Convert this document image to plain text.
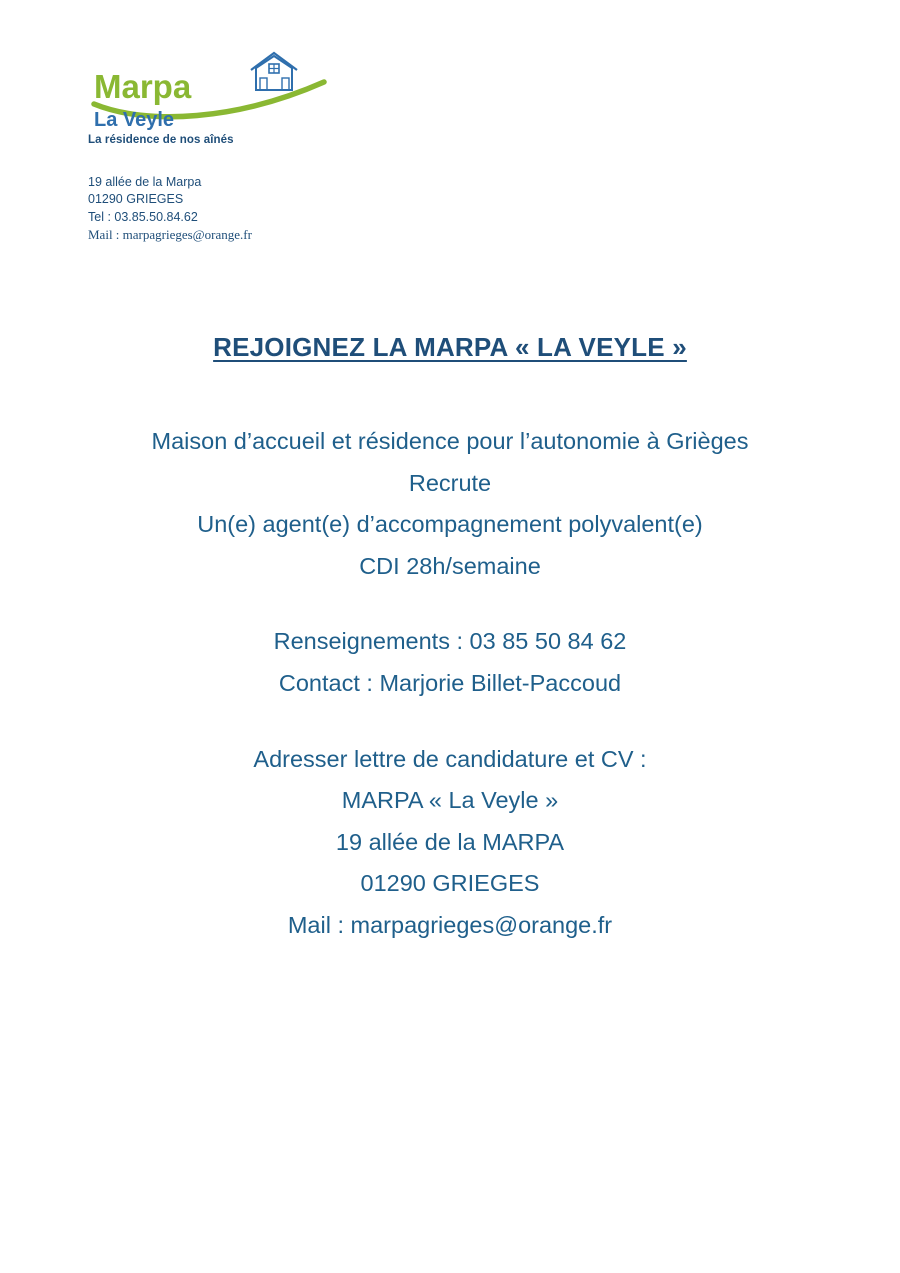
Marpa
La Veyle
La résidence de nos aînés
19 allée de la Marpa
01290 GRIEGES
Tel : 03.85.50.84.62
Mail : marpagrieges@orange.fr
REJOIGNEZ LA MARPA « LA VEYLE »

Maison d’accueil et résidence pour l’autonomie à Grièges
Recrute
Un(e) agent(e) d’accompagnement polyvalent(e)
CDI 28h/semaine

Renseignements : 03 85 50 84 62
Contact : Marjorie Billet-Paccoud

Adresser lettre de candidature et CV :
MARPA « La Veyle »
19 allée de la MARPA
01290 GRIEGES
Mail : marpagrieges@orange.fr
